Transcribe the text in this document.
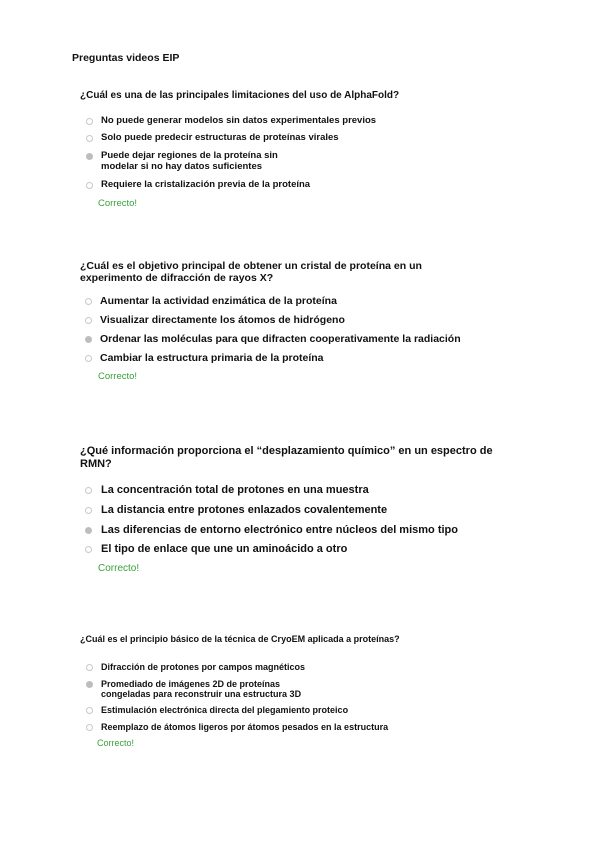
Preguntas videos EIP

¿Cuál es una de las principales limitaciones del uso de AlphaFold?

No puede generar modelos sin datos experimentales previos
Solo puede predecir estructuras de proteínas virales
Puede dejar regiones de la proteína sin
modelar si no hay datos suficientes
Requiere la cristalización previa de la proteína
Correcto!

¿Cuál es el objetivo principal de obtener un cristal de proteína en un experimento de difracción de rayos X?

Aumentar la actividad enzimática de la proteína
Visualizar directamente los átomos de hidrógeno
Ordenar las moléculas para que difracten cooperativamente la radiación
Cambiar la estructura primaria de la proteína
Correcto!

¿Qué información proporciona el “desplazamiento químico” en un espectro de RMN?

La concentración total de protones en una muestra
La distancia entre protones enlazados covalentemente
Las diferencias de entorno electrónico entre núcleos del mismo tipo
El tipo de enlace que une un aminoácido a otro
Correcto!

¿Cuál es el principio básico de la técnica de CryoEM aplicada a proteínas?

Difracción de protones por campos magnéticos
Promediado de imágenes 2D de proteínas
congeladas para reconstruir una estructura 3D
Estimulación electrónica directa del plegamiento proteico
Reemplazo de átomos ligeros por átomos pesados en la estructura
Correcto!
